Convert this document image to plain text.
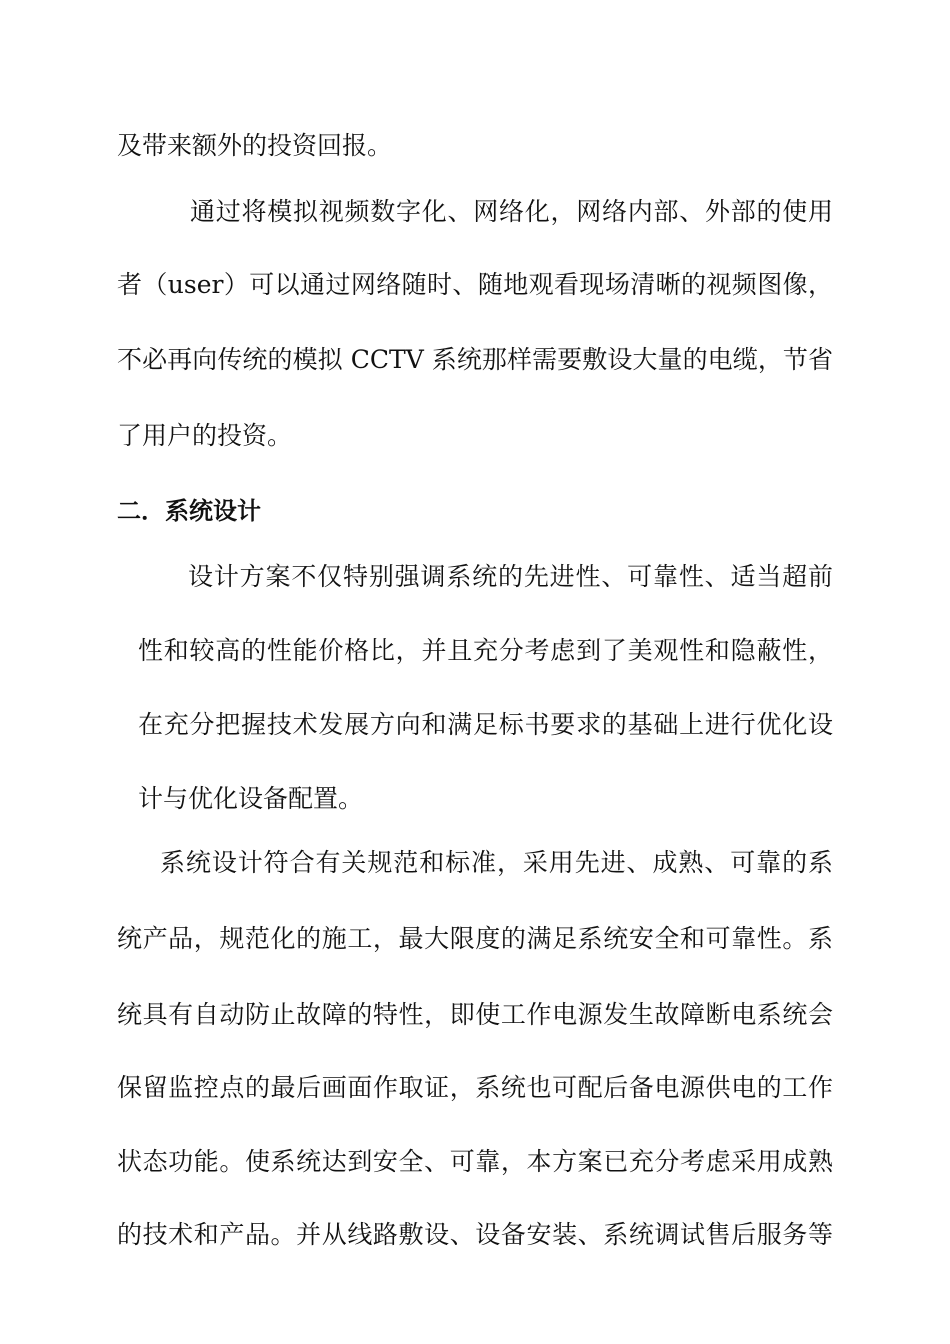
及带来额外的投资回报。
通过将模拟视频数字化、网络化，网络内部、外部的使用
者（user）可以通过网络随时、随地观看现场清晰的视频图像，
不必再向传统的模拟 CCTV 系统那样需要敷设大量的电缆，节省
了用户的投资。
二．系统设计
设计方案不仅特别强调系统的先进性、可靠性、适当超前
性和较高的性能价格比，并且充分考虑到了美观性和隐蔽性，
在充分把握技术发展方向和满足标书要求的基础上进行优化设
计与优化设备配置。
系统设计符合有关规范和标准，采用先进、成熟、可靠的系
统产品，规范化的施工，最大限度的满足系统安全和可靠性。系
统具有自动防止故障的特性，即使工作电源发生故障断电系统会
保留监控点的最后画面作取证，系统也可配后备电源供电的工作
状态功能。使系统达到安全、可靠，本方案已充分考虑采用成熟
的技术和产品。并从线路敷设、设备安装、系统调试售后服务等
